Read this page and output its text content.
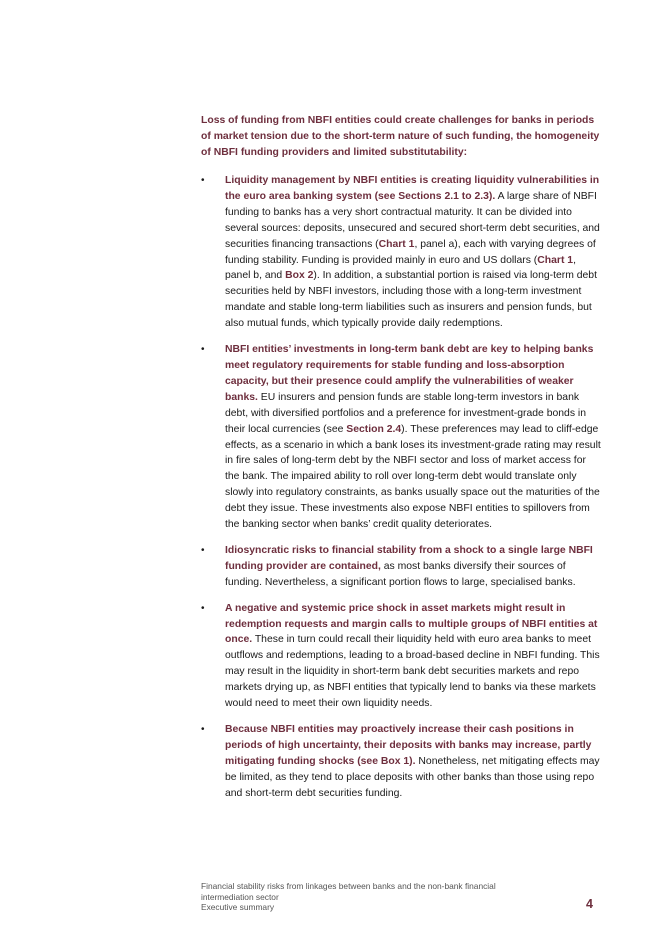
Loss of funding from NBFI entities could create challenges for banks in periods of market tension due to the short-term nature of such funding, the homogeneity of NBFI funding providers and limited substitutability:

• Liquidity management by NBFI entities is creating liquidity vulnerabilities in the euro area banking system (see Sections 2.1 to 2.3). A large share of NBFI funding to banks has a very short contractual maturity. It can be divided into several sources: deposits, unsecured and secured short-term debt securities, and securities financing transactions (Chart 1, panel a), each with varying degrees of funding stability. Funding is provided mainly in euro and US dollars (Chart 1, panel b, and Box 2). In addition, a substantial portion is raised via long-term debt securities held by NBFI investors, including those with a long-term investment mandate and stable long-term liabilities such as insurers and pension funds, but also mutual funds, which typically provide daily redemptions.
• NBFI entities’ investments in long-term bank debt are key to helping banks meet regulatory requirements for stable funding and loss-absorption capacity, but their presence could amplify the vulnerabilities of weaker banks. EU insurers and pension funds are stable long-term investors in bank debt, with diversified portfolios and a preference for investment-grade bonds in their local currencies (see Section 2.4). These preferences may lead to cliff-edge effects, as a scenario in which a bank loses its investment-grade rating may result in fire sales of long-term debt by the NBFI sector and loss of market access for the bank. The impaired ability to roll over long-term debt would translate only slowly into regulatory constraints, as banks usually space out the maturities of the debt they issue. These investments also expose NBFI entities to spillovers from the banking sector when banks’ credit quality deteriorates.
• Idiosyncratic risks to financial stability from a shock to a single large NBFI funding provider are contained, as most banks diversify their sources of funding. Nevertheless, a significant portion flows to large, specialised banks.
• A negative and systemic price shock in asset markets might result in redemption requests and margin calls to multiple groups of NBFI entities at once. These in turn could recall their liquidity held with euro area banks to meet outflows and redemptions, leading to a broad-based decline in NBFI funding. This may result in the liquidity in short-term bank debt securities markets and repo markets drying up, as NBFI entities that typically lend to banks via these markets would need to meet their own liquidity needs.
• Because NBFI entities may proactively increase their cash positions in periods of high uncertainty, their deposits with banks may increase, partly mitigating funding shocks (see Box 1). Nonetheless, net mitigating effects may be limited, as they tend to place deposits with other banks than those using repo and short-term debt securities funding.
Financial stability risks from linkages between banks and the non-bank financial
intermediation sector
Executive summary	4
